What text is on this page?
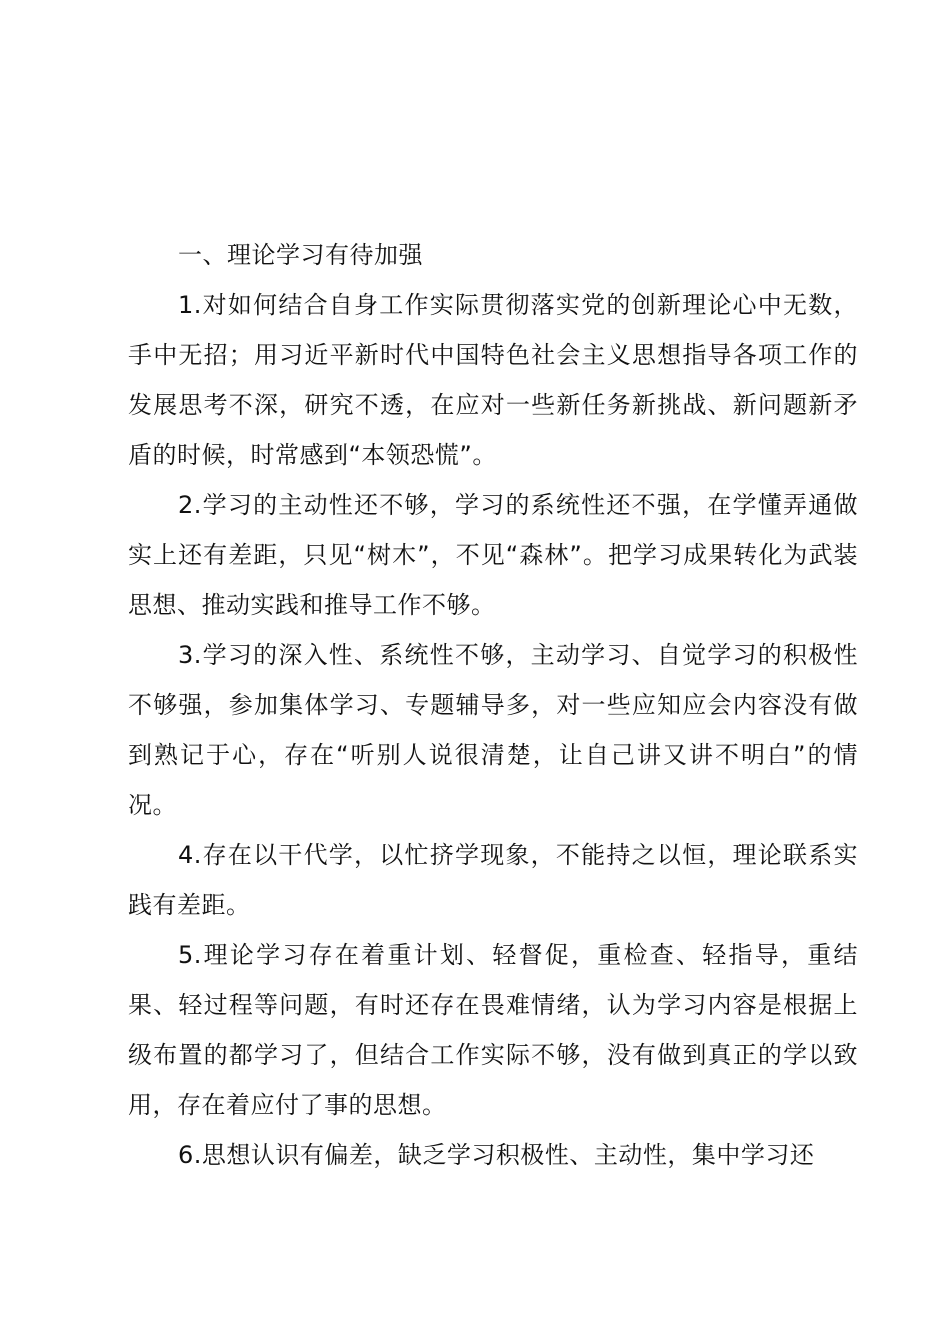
一、理论学习有待加强

1.对如何结合自身工作实际贯彻落实党的创新理论心中无数，手中无招；用习近平新时代中国特色社会主义思想指导各项工作的发展思考不深，研究不透，在应对一些新任务新挑战、新问题新矛盾的时候，时常感到“本领恐慌”。

2.学习的主动性还不够，学习的系统性还不强，在学懂弄通做实上还有差距，只见“树木”，不见“森林”。把学习成果转化为武装思想、推动实践和推导工作不够。

3.学习的深入性、系统性不够，主动学习、自觉学习的积极性不够强，参加集体学习、专题辅导多，对一些应知应会内容没有做到熟记于心，存在“听别人说很清楚，让自己讲又讲不明白”的情况。

4.存在以干代学，以忙挤学现象，不能持之以恒，理论联系实践有差距。

5.理论学习存在着重计划、轻督促，重检查、轻指导，重结果、轻过程等问题，有时还存在畏难情绪，认为学习内容是根据上级布置的都学习了，但结合工作实际不够，没有做到真正的学以致用，存在着应付了事的思想。

6.思想认识有偏差，缺乏学习积极性、主动性，集中学习还
